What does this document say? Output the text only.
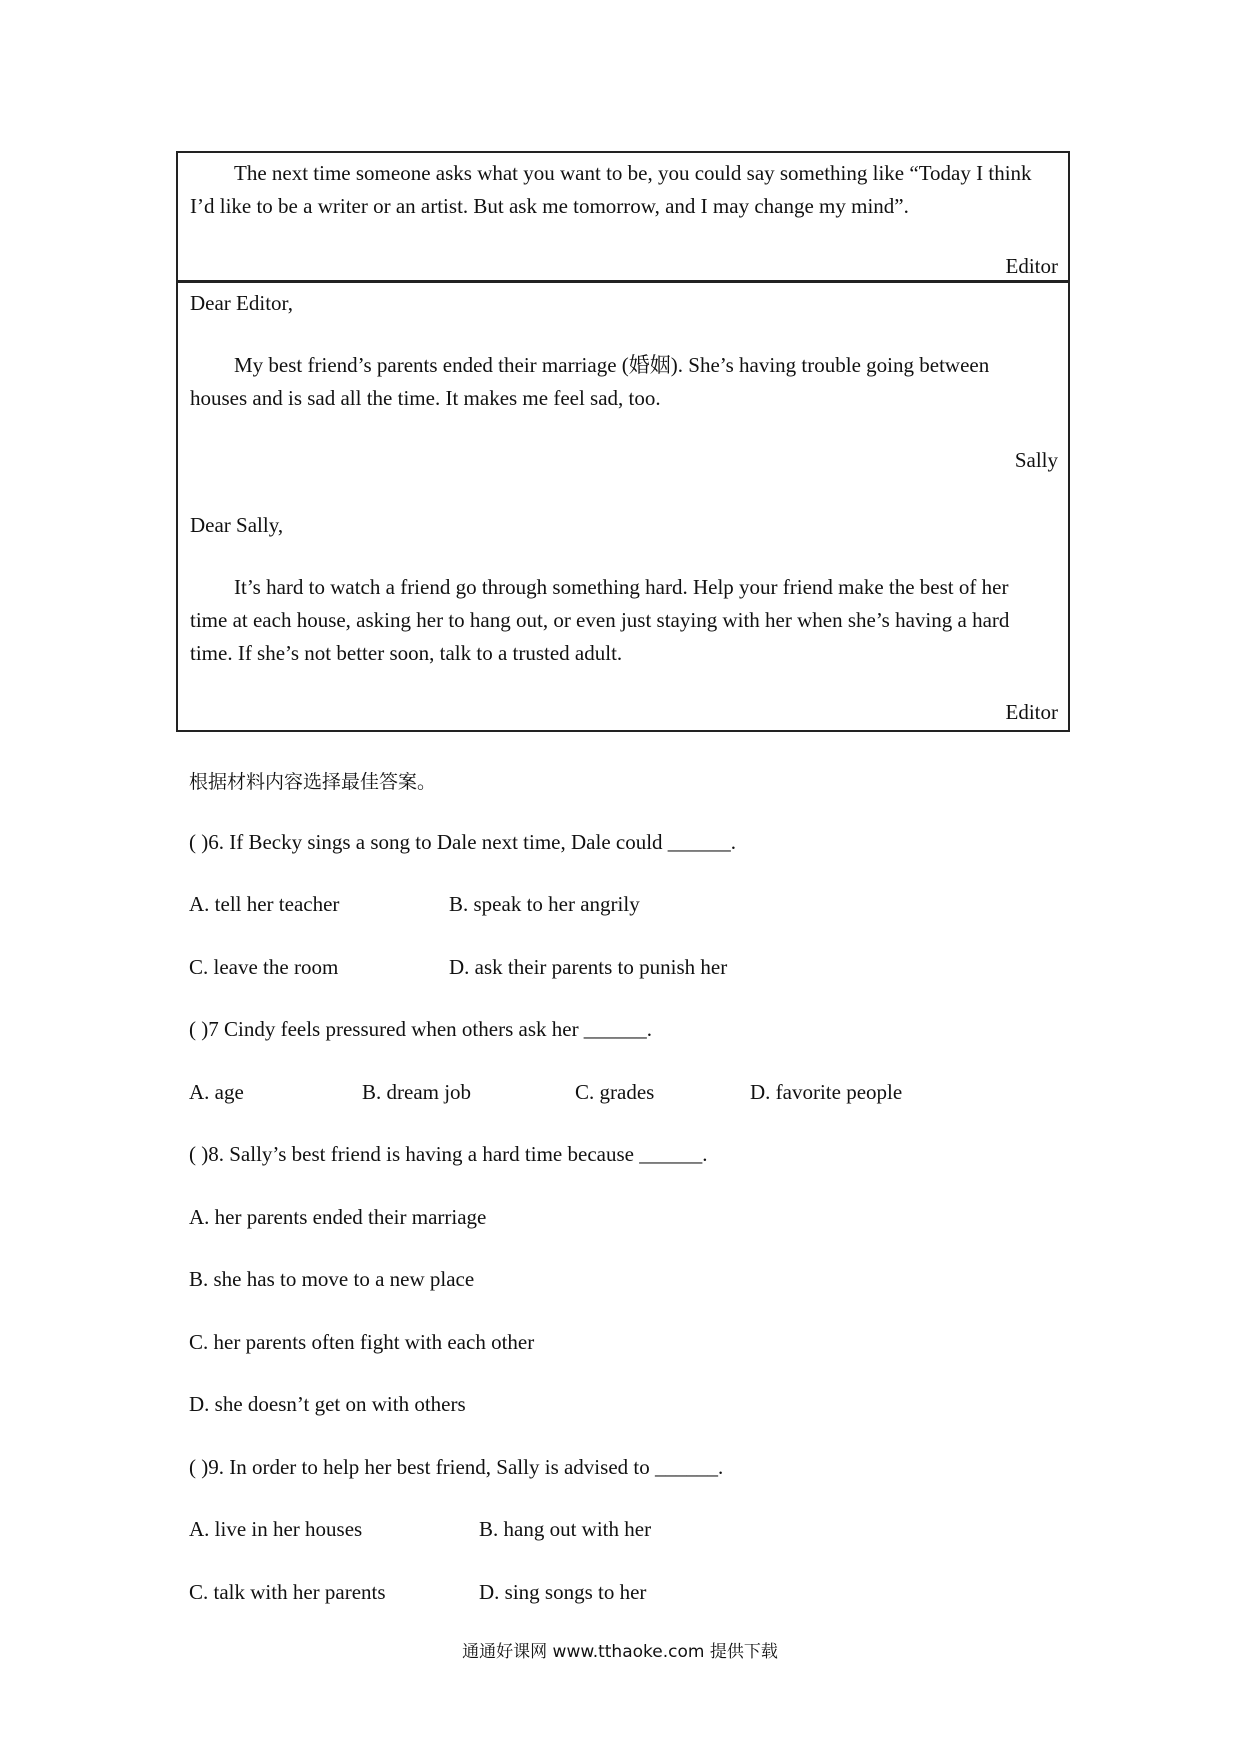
The next time someone asks what you want to be, you could say something like “Today I think I’d like to be a writer or an artist. But ask me tomorrow, and I may change my mind”.
Editor
Dear Editor,
My best friend’s parents ended their marriage (婚姻). She’s having trouble going between houses and is sad all the time. It makes me feel sad, too.
Sally
Dear Sally,
It’s hard to watch a friend go through something hard. Help your friend make the best of her time at each house, asking her to hang out, or even just staying with her when she’s having a hard time. If she’s not better soon, talk to a trusted adult.
Editor
根据材料内容选择最佳答案。
( )6. If Becky sings a song to Dale next time, Dale could ______.
A. tell her teacher	B. speak to her angrily
C. leave the room	D. ask their parents to punish her
( )7 Cindy feels pressured when others ask her ______.
A. age	B. dream job	C. grades	D. favorite people
( )8. Sally’s best friend is having a hard time because ______.
A. her parents ended their marriage
B. she has to move to a new place
C. her parents often fight with each other
D. she doesn’t get on with others
( )9. In order to help her best friend, Sally is advised to ______.
A. live in her houses	B. hang out with her
C. talk with her parents	D. sing songs to her
通通好课网 www.tthaoke.com 提供下载
